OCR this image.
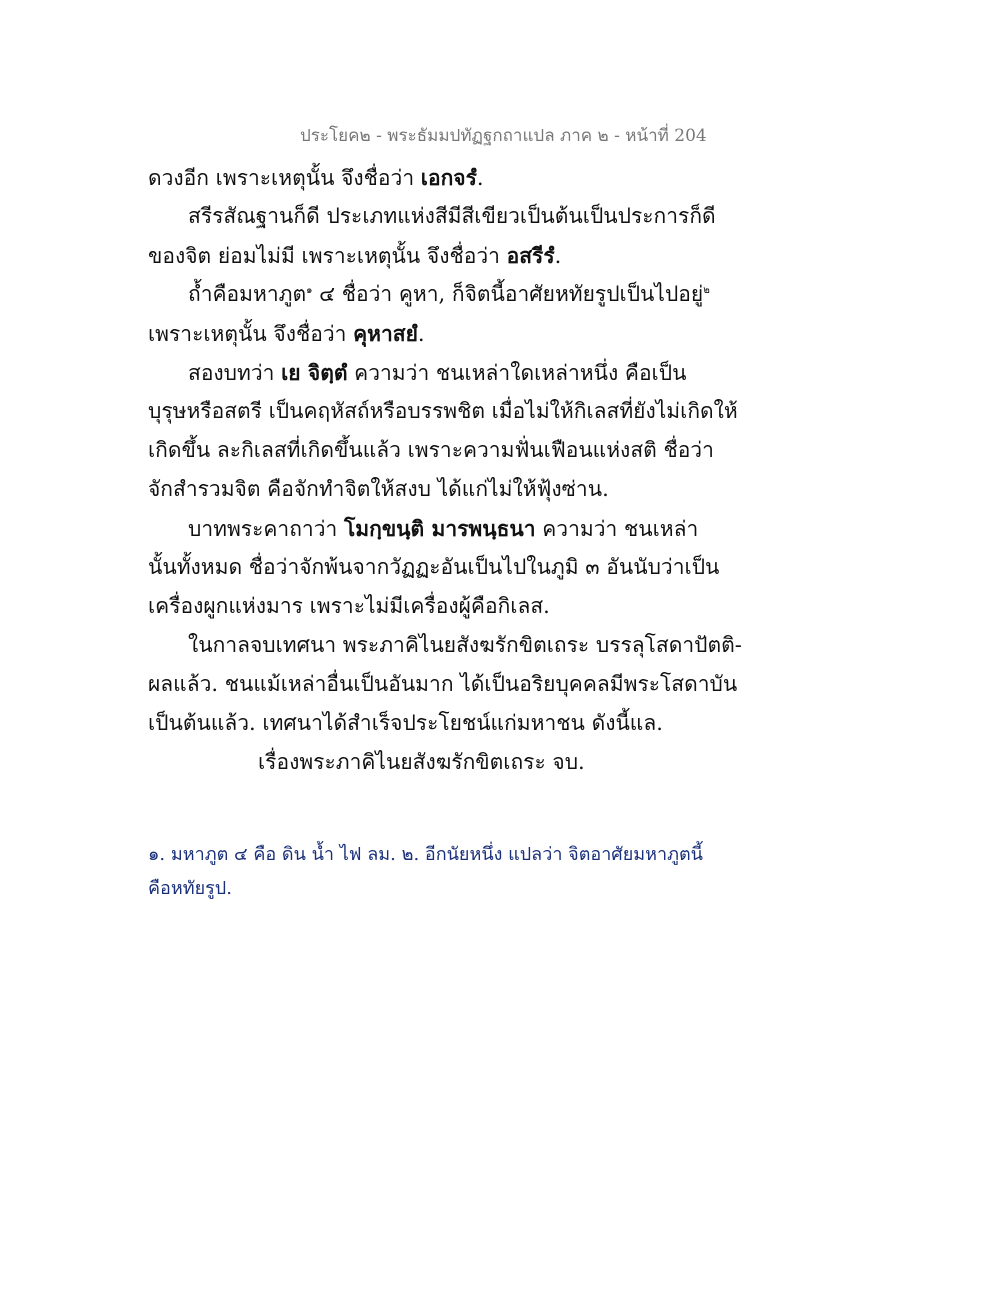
ประโยค๒ - พระธัมมปทัฏฐกถาแปล ภาค ๒ - หน้าที่ 204
ดวงอีก เพราะเหตุนั้น จึงชื่อว่า เอกจรํ.
สรีรสัณฐานก็ดี ประเภทแห่งสีมีสีเขียวเป็นต้นเป็นประการก็ดี
ของจิต ย่อมไม่มี เพราะเหตุนั้น จึงชื่อว่า อสรีรํ.
ถ้ำคือมหาภูต$^๑$ ๔ ชื่อว่า คูหา, ก็จิตนี้อาศัยหทัยรูปเป็นไปอยู่$^๒$
เพราะเหตุนั้น จึงชื่อว่า คุหาสยํ.
สองบทว่า เย จิตฺตํ ความว่า ชนเหล่าใดเหล่าหนึ่ง คือเป็น
บุรุษหรือสตรี เป็นคฤหัสถ์หรือบรรพชิต เมื่อไม่ให้กิเลสที่ยังไม่เกิดให้
เกิดขึ้น ละกิเลสที่เกิดขึ้นแล้ว เพราะความฟั่นเฟือนแห่งสติ ชื่อว่า
จักสำรวมจิต คือจักทำจิตให้สงบ ได้แก่ไม่ให้ฟุ้งซ่าน.
บาทพระคาถาว่า โมกฺขนฺติ มารพนฺธนา ความว่า ชนเหล่า
นั้นทั้งหมด ชื่อว่าจักพ้นจากวัฏฏะอันเป็นไปในภูมิ ๓ อันนับว่าเป็น
เครื่องผูกแห่งมาร เพราะไม่มีเครื่องผู้คือกิเลส.
ในกาลจบเทศนา พระภาคิไนยสังฆรักขิตเถระ บรรลุโสดาปัตติ-
ผลแล้ว. ชนแม้เหล่าอื่นเป็นอันมาก ได้เป็นอริยบุคคลมีพระโสดาบัน
เป็นต้นแล้ว. เทศนาได้สำเร็จประโยชน์แก่มหาชน ดังนี้แล.
เรื่องพระภาคิไนยสังฆรักขิตเถระ จบ.
๑. มหาภูต ๔ คือ ดิน น้ำ ไฟ ลม. ๒. อีกนัยหนึ่ง แปลว่า จิตอาศัยมหาภูตนี้
คือหทัยรูป.
